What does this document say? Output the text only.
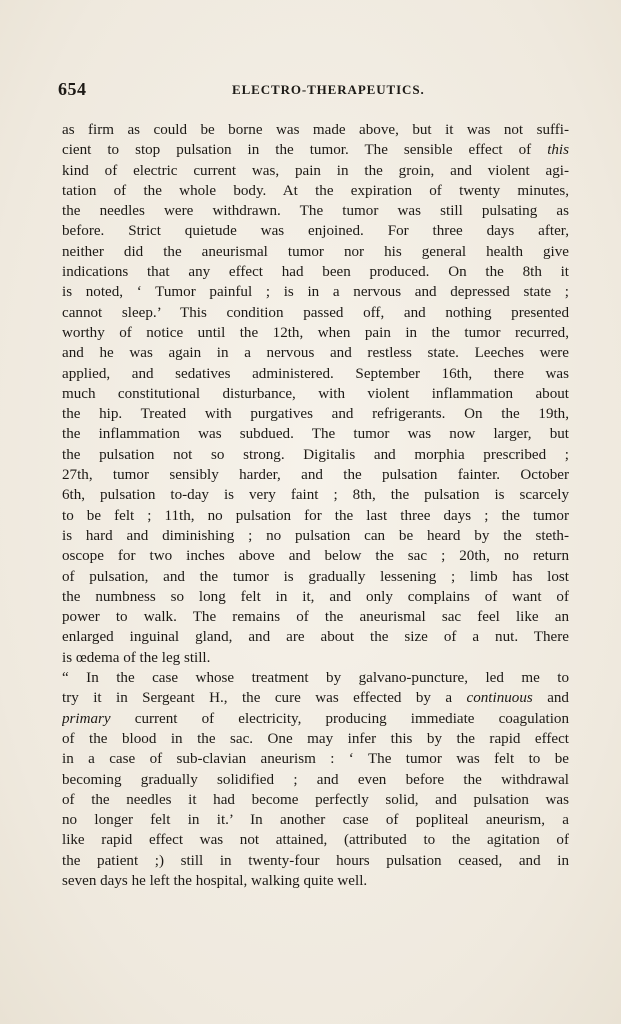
654	ELECTRO-THERAPEUTICS.
as firm as could be borne was made above, but it was not suffi-
cient to stop pulsation in the tumor. The sensible effect of this
kind of electric current was, pain in the groin, and violent agi-
tation of the whole body. At the expiration of twenty minutes,
the needles were withdrawn. The tumor was still pulsating as
before. Strict quietude was enjoined. For three days after,
neither did the aneurismal tumor nor his general health give
indications that any effect had been produced. On the 8th it
is noted, ‘ Tumor painful ; is in a nervous and depressed state ;
cannot sleep.’ This condition passed off, and nothing presented
worthy of notice until the 12th, when pain in the tumor recurred,
and he was again in a nervous and restless state. Leeches were
applied, and sedatives administered. September 16th, there was
much constitutional disturbance, with violent inflammation about
the hip. Treated with purgatives and refrigerants. On the 19th,
the inflammation was subdued. The tumor was now larger, but
the pulsation not so strong. Digitalis and morphia prescribed ;
27th, tumor sensibly harder, and the pulsation fainter. October
6th, pulsation to-day is very faint ; 8th, the pulsation is scarcely
to be felt ; 11th, no pulsation for the last three days ; the tumor
is hard and diminishing ; no pulsation can be heard by the steth-
oscope for two inches above and below the sac ; 20th, no return
of pulsation, and the tumor is gradually lessening ; limb has lost
the numbness so long felt in it, and only complains of want of
power to walk. The remains of the aneurismal sac feel like an
enlarged inguinal gland, and are about the size of a nut. There
is œdema of the leg still.
“ In the case whose treatment by galvano-puncture, led me to
try it in Sergeant H., the cure was effected by a continuous and
primary current of electricity, producing immediate coagulation
of the blood in the sac. One may infer this by the rapid effect
in a case of sub-clavian aneurism : ‘ The tumor was felt to be
becoming gradually solidified ; and even before the withdrawal
of the needles it had become perfectly solid, and pulsation was
no longer felt in it.’ In another case of popliteal aneurism, a
like rapid effect was not attained, (attributed to the agitation of
the patient ;) still in twenty-four hours pulsation ceased, and in
seven days he left the hospital, walking quite well.
